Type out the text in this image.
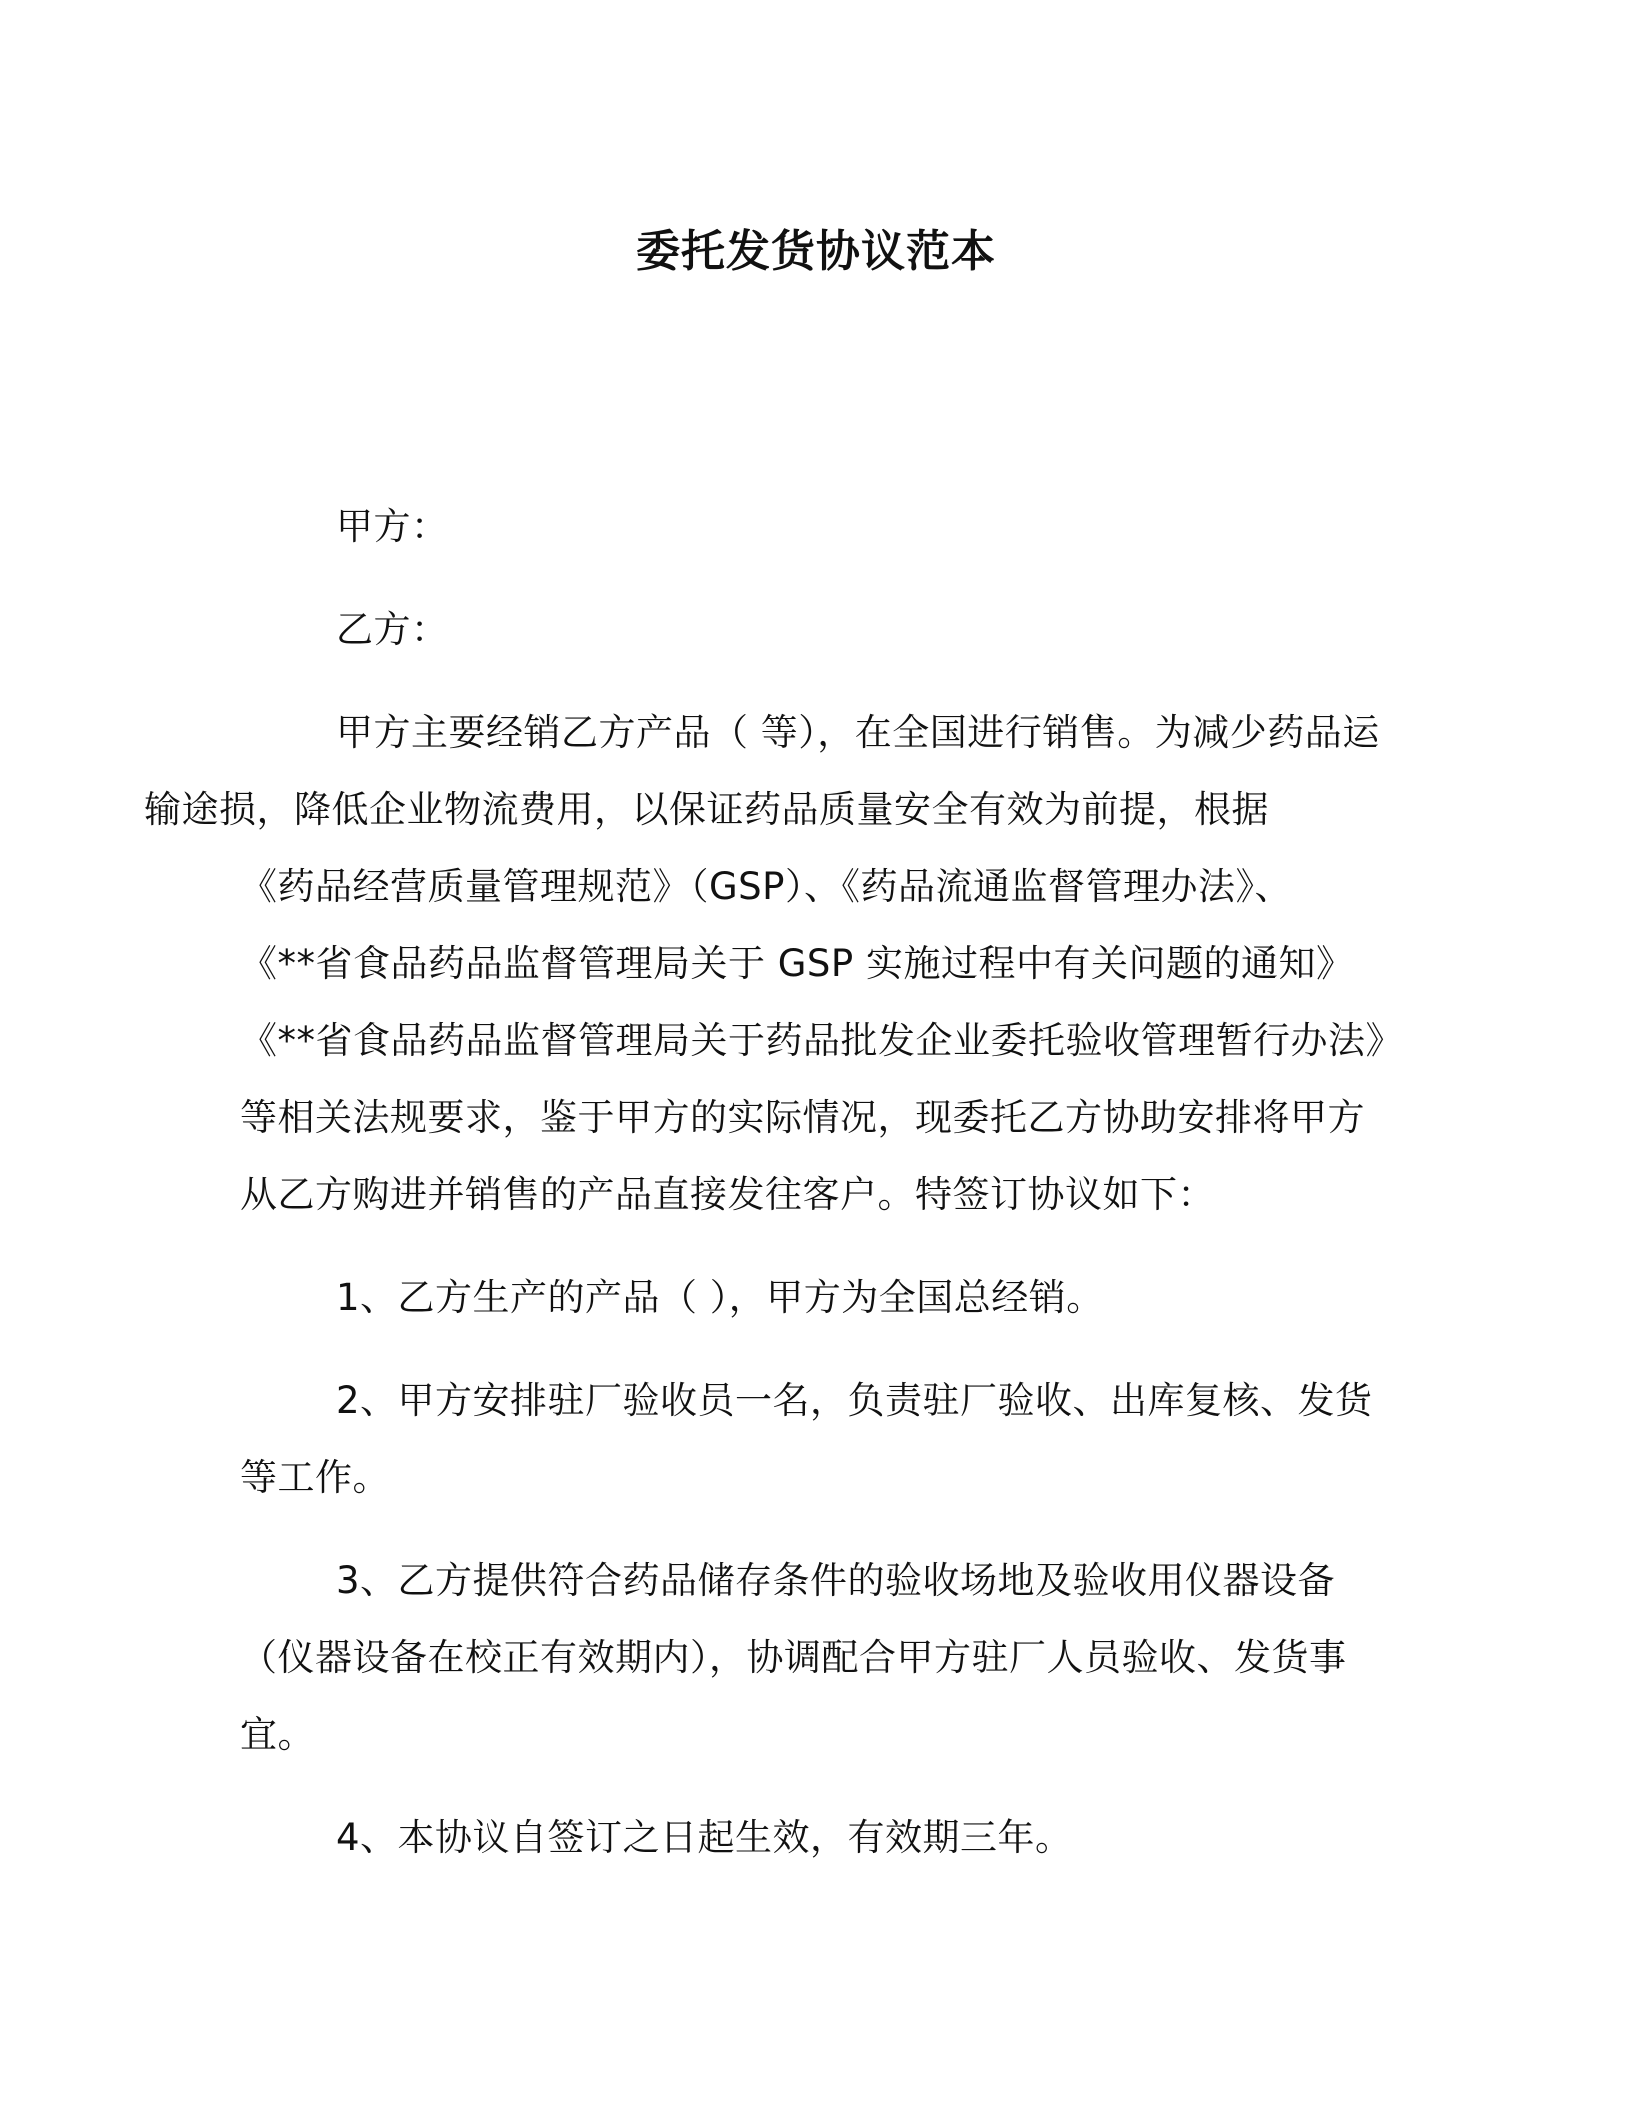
委托发货协议范本

甲方：

乙方：

甲方主要经销乙方产品（ 等），在全国进行销售。为减少药品运
输途损，降低企业物流费用，以保证药品质量安全有效为前提，根据
《药品经营质量管理规范》（GSP）、《药品流通监督管理办法》、
《**省食品药品监督管理局关于 GSP 实施过程中有关问题的通知》
《**省食品药品监督管理局关于药品批发企业委托验收管理暂行办法》
等相关法规要求，鉴于甲方的实际情况，现委托乙方协助安排将甲方
从乙方购进并销售的产品直接发往客户。特签订协议如下：

1、乙方生产的产品（ ），甲方为全国总经销。

2、甲方安排驻厂验收员一名，负责驻厂验收、出库复核、发货
等工作。

3、乙方提供符合药品储存条件的验收场地及验收用仪器设备
（仪器设备在校正有效期内），协调配合甲方驻厂人员验收、发货事
宜。

4、本协议自签订之日起生效，有效期三年。
